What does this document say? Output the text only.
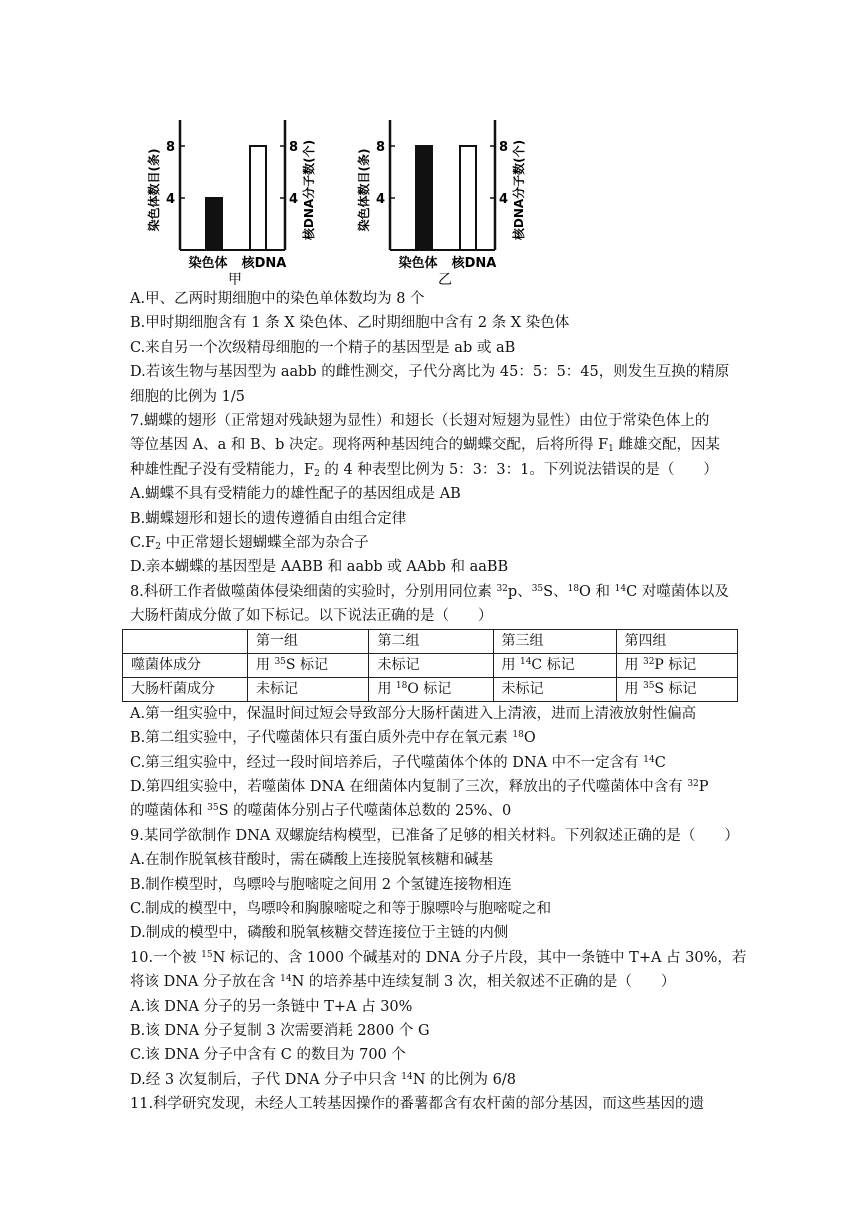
4	4
8	8
染色体 核DNA
甲
染色体数目(条)	核DNA分子数(个)	4	4
8	8
染色体 核DNA
乙
染色体数目(条)	核DNA分子数(个)
A.甲、乙两时期细胞中的染色单体数均为 8 个
B.甲时期细胞含有 1 条 X 染色体、乙时期细胞中含有 2 条 X 染色体
C.来自另一个次级精母细胞的一个精子的基因型是 ab 或 aB
D.若该生物与基因型为 aabb 的雌性测交，子代分离比为 45：5：5：45，则发生互换的精原
细胞的比例为 1/5
7.蝴蝶的翅形（正常翅对残缺翅为显性）和翅长（长翅对短翅为显性）由位于常染色体上的
等位基因 A、a 和 B、b 决定。现将两种基因纯合的蝴蝶交配，后将所得 $F_1$ 雌雄交配，因某
种雄性配子没有受精能力，$F_2$ 的 4 种表型比例为 5：3：3：1。下列说法错误的是（　　）
A.蝴蝶不具有受精能力的雄性配子的基因组成是 AB
B.蝴蝶翅形和翅长的遗传遵循自由组合定律
$C.F_2$ 中正常翅长翅蝴蝶全部为杂合子
D.亲本蝴蝶的基因型是 AABB 和 aabb 或 AAbb 和 aaBB
8.科研工作者做噬菌体侵染细菌的实验时，分别用同位素 $^{32}$p、$^{35}$S、$^{18}$O 和 $^{14}$C 对噬菌体以及
大肠杆菌成分做了如下标记。以下说法正确的是（　　）
	第一组	第二组	第三组	第四组
噬菌体成分	用 $^{35}$S 标记	未标记	用 $^{14}$C 标记	用 $^{32}$P 标记
大肠杆菌成分	未标记	用 $^{18}$O 标记	未标记	用 $^{35}$S 标记
A.第一组实验中，保温时间过短会导致部分大肠杆菌进入上清液，进而上清液放射性偏高
B.第二组实验中，子代噬菌体只有蛋白质外壳中存在氧元素 $^{18}$O
C.第三组实验中，经过一段时间培养后，子代噬菌体个体的 DNA 中不一定含有 $^{14}$C
D.第四组实验中，若噬菌体 DNA 在细菌体内复制了三次，释放出的子代噬菌体中含有 $^{32}$P
的噬菌体和 $^{35}$S 的噬菌体分别占子代噬菌体总数的 25%、0
9.某同学欲制作 DNA 双螺旋结构模型，已准备了足够的相关材料。下列叙述正确的是（　　）
A.在制作脱氧核苷酸时，需在磷酸上连接脱氧核糖和碱基
B.制作模型时，鸟嘌呤与胞嘧啶之间用 2 个氢键连接物相连
C.制成的模型中，鸟嘌呤和胸腺嘧啶之和等于腺嘌呤与胞嘧啶之和
D.制成的模型中，磷酸和脱氧核糖交替连接位于主链的内侧
10.一个被 $^{15}$N 标记的、含 1000 个碱基对的 DNA 分子片段，其中一条链中 T+A 占 30%，若
将该 DNA 分子放在含 $^{14}$N 的培养基中连续复制 3 次，相关叙述不正确的是（　　）
A.该 DNA 分子的另一条链中 T+A 占 30%
B.该 DNA 分子复制 3 次需要消耗 2800 个 G
C.该 DNA 分子中含有 C 的数目为 700 个
D.经 3 次复制后，子代 DNA 分子中只含 $^{14}$N 的比例为 6/8
11.科学研究发现，未经人工转基因操作的番薯都含有农杆菌的部分基因，而这些基因的遗
